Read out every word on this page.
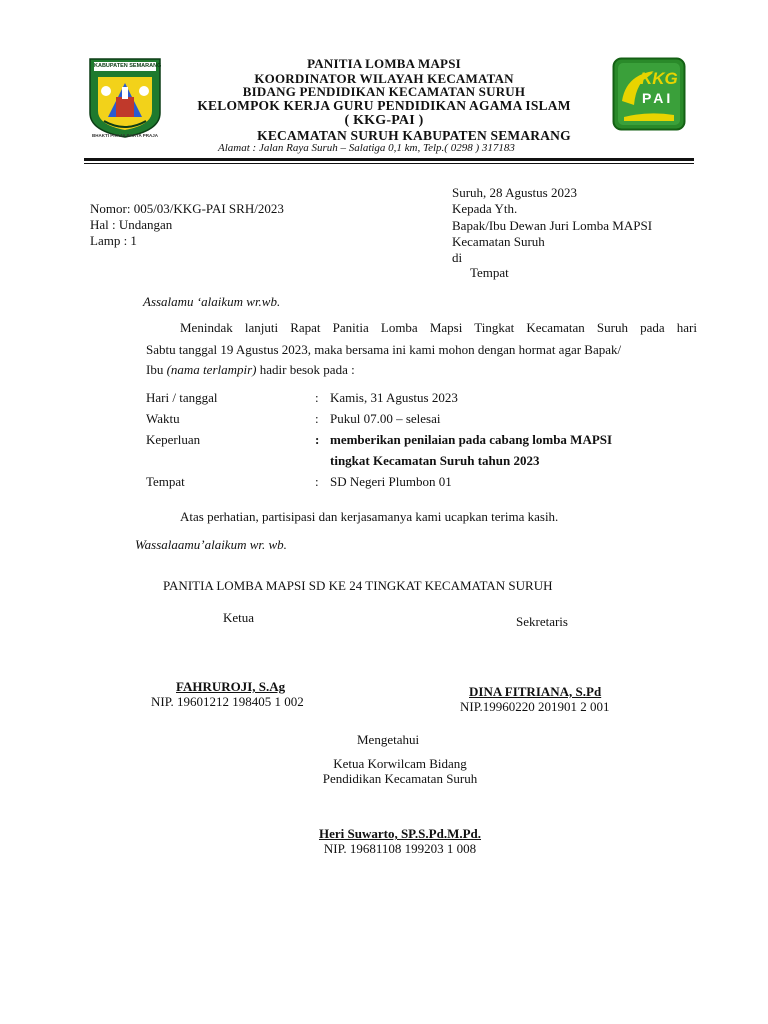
KABUPATEN SEMARANG
BHAKTI PRAJA SARTA PRAJA
KKG
PAI
PANITIA LOMBA MAPSI
KOORDINATOR WILAYAH KECAMATAN
BIDANG PENDIDIKAN KECAMATAN SURUH
KELOMPOK KERJA GURU PENDIDIKAN AGAMA ISLAM
( KKG-PAI )
KECAMATAN SURUH KABUPATEN SEMARANG
Alamat : Jalan Raya Suruh – Salatiga 0,1 km, Telp.( 0298 ) 317183
Suruh, 28 Agustus 2023
Kepada Yth.
Bapak/Ibu Dewan Juri Lomba MAPSI
Kecamatan Suruh
di
Tempat
Nomor: 005/03/KKG-PAI SRH/2023
Hal : Undangan
Lamp : 1
Assalamu ‘alaikum wr.wb.
Menindak lanjuti Rapat Panitia Lomba Mapsi Tingkat Kecamatan Suruh pada hari
Sabtu tanggal 19 Agustus 2023, maka bersama ini kami mohon dengan hormat agar Bapak/
Ibu (nama terlampir) hadir besok pada :
Hari / tanggal	: Kamis, 31 Agustus 2023
Waktu	: Pukul 07.00 – selesai
Keperluan	: memberikan penilaian pada cabang lomba MAPSI
tingkat Kecamatan Suruh tahun 2023
Tempat	: SD Negeri Plumbon 01
Atas perhatian, partisipasi dan kerjasamanya kami ucapkan terima kasih.
Wassalaamu’alaikum wr. wb.
PANITIA LOMBA MAPSI SD KE 24 TINGKAT KECAMATAN SURUH
Ketua	Sekretaris
FAHRUROJI, S.Ag
NIP. 19601212 198405 1 002
DINA FITRIANA, S.Pd
NIP.19960220 201901 2 001
Mengetahui
Ketua Korwilcam Bidang
Pendidikan Kecamatan Suruh
Heri Suwarto, SP.S.Pd.M.Pd.
NIP. 19681108 199203 1 008
